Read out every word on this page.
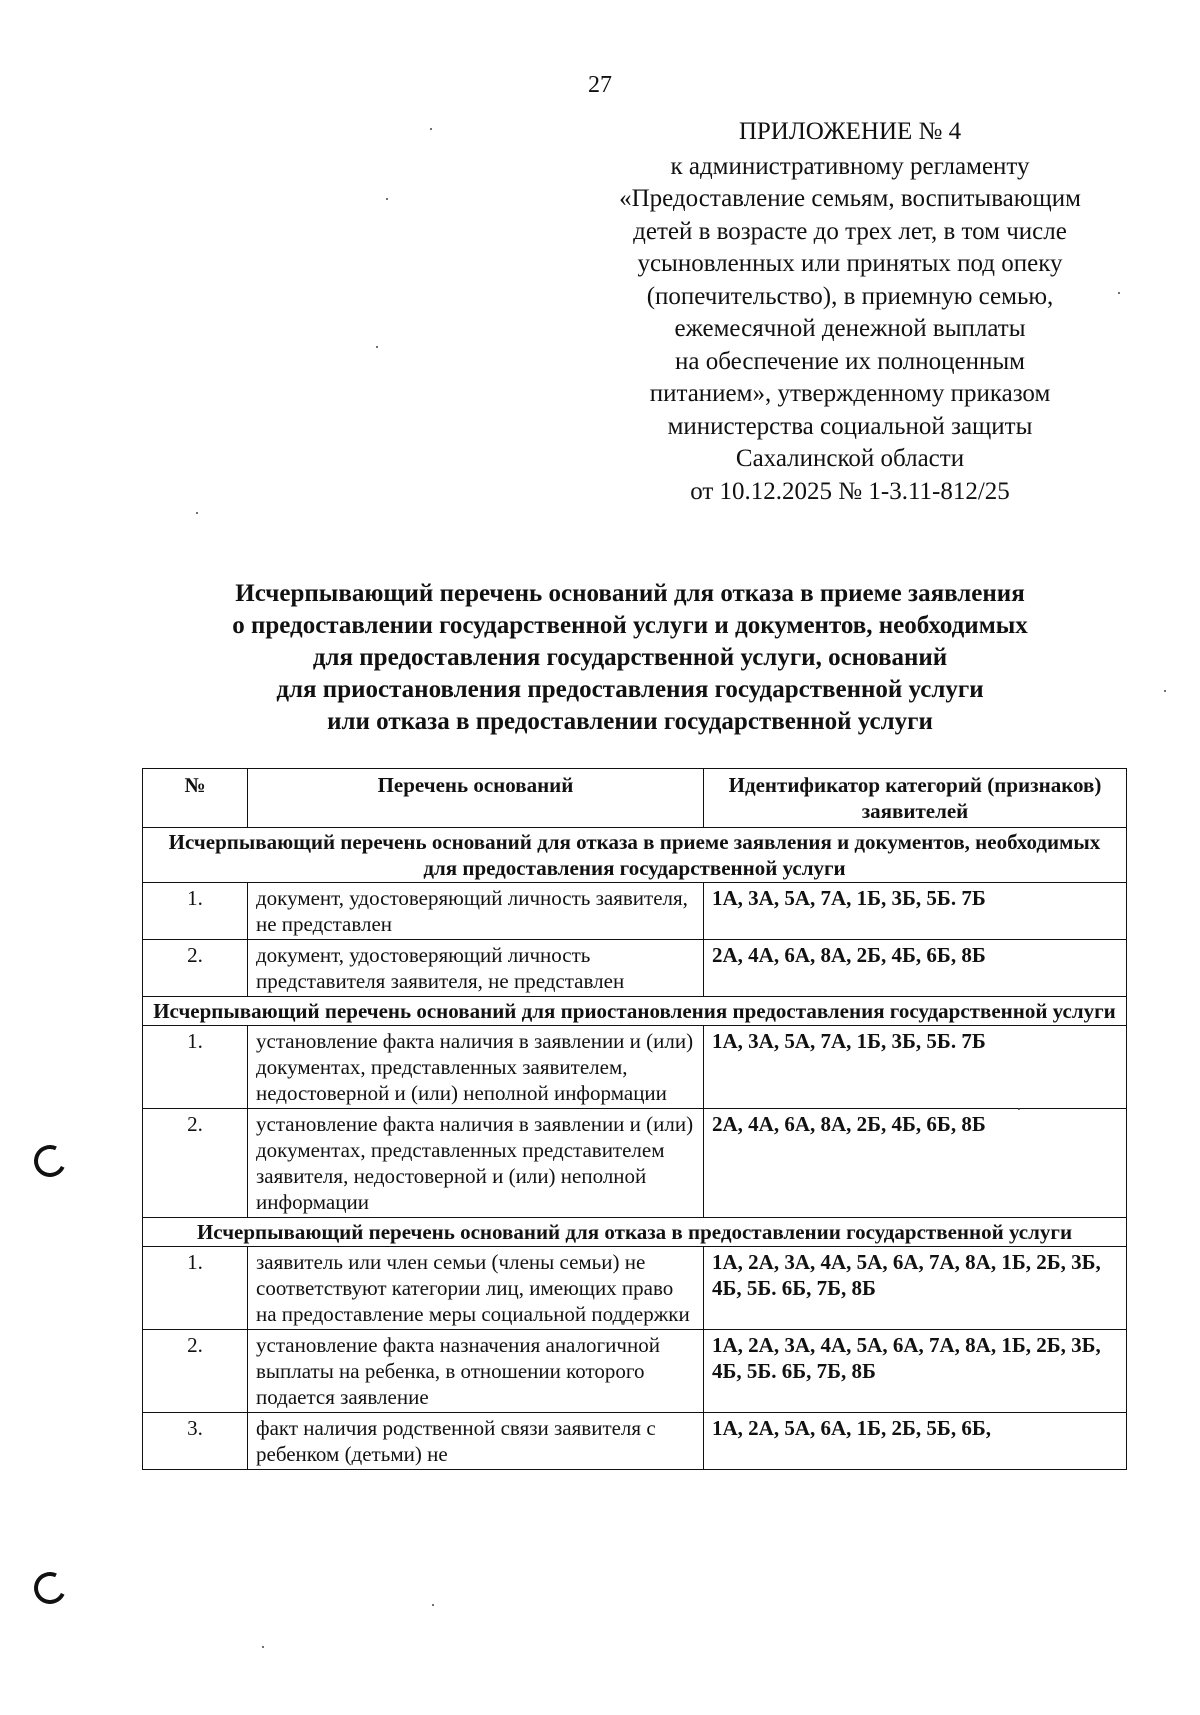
27
ПРИЛОЖЕНИЕ № 4
к административному регламенту
«Предоставление семьям, воспитывающим
детей в возрасте до трех лет, в том числе
усыновленных или принятых под опеку
(попечительство), в приемную семью,
ежемесячной денежной выплаты
на обеспечение их полноценным
питанием», утвержденному приказом
министерства социальной защиты
Сахалинской области
от 10.12.2025 № 1-3.11-812/25
Исчерпывающий перечень оснований для отказа в приеме заявления
о предоставлении государственной услуги и документов, необходимых
для предоставления государственной услуги, оснований
для приостановления предоставления государственной услуги
или отказа в предоставлении государственной услуги
№	Перечень оснований	Идентификатор категорий (признаков) заявителей
Исчерпывающий перечень оснований для отказа в приеме заявления и документов, необходимых для предоставления государственной услуги		
1.	документ, удостоверяющий личность заявителя, не представлен	1А, 3А, 5А, 7А, 1Б, 3Б, 5Б. 7Б
2.	документ, удостоверяющий личность представителя заявителя, не представлен	2А, 4А, 6А, 8А, 2Б, 4Б, 6Б, 8Б
Исчерпывающий перечень оснований для приостановления предоставления государственной услуги		
1.	установление факта наличия в заявлении и (или) документах, представленных заявителем, недостоверной и (или) неполной информации	1А, 3А, 5А, 7А, 1Б, 3Б, 5Б. 7Б
2.	установление факта наличия в заявлении и (или) документах, представленных представителем заявителя, недостоверной и (или) неполной информации	2А, 4А, 6А, 8А, 2Б, 4Б, 6Б, 8Б
Исчерпывающий перечень оснований для отказа в предоставлении государственной услуги		
1.	заявитель или член семьи (члены семьи) не соответствуют категории лиц, имеющих право на предоставление меры социальной поддержки	1А, 2А, 3А, 4А, 5А, 6А, 7А, 8А, 1Б, 2Б, 3Б, 4Б, 5Б. 6Б, 7Б, 8Б
2.	установление факта назначения аналогичной выплаты на ребенка, в отношении которого подается заявление	1А, 2А, 3А, 4А, 5А, 6А, 7А, 8А, 1Б, 2Б, 3Б, 4Б, 5Б. 6Б, 7Б, 8Б
3.	факт наличия родственной связи заявителя с ребенком (детьми) не	1А, 2А, 5А, 6А, 1Б, 2Б, 5Б, 6Б,
